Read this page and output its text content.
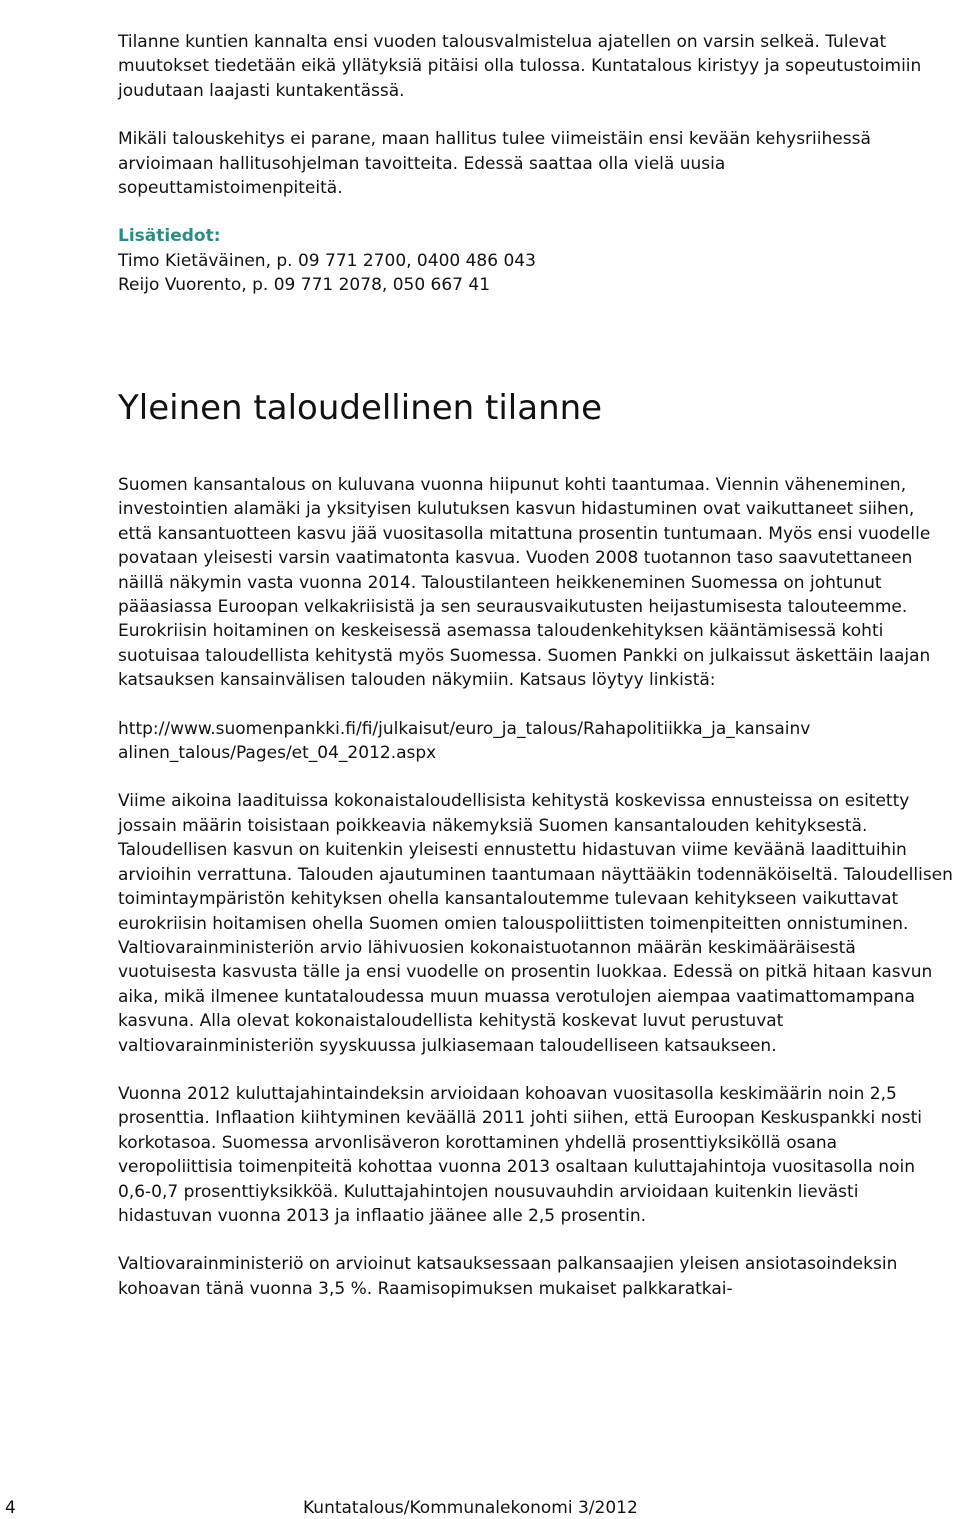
Tilanne kuntien kannalta ensi vuoden talousvalmistelua ajatellen on varsin selkeä. Tulevat muutokset tiedetään eikä yllätyksiä pitäisi olla tulossa. Kuntatalous kiristyy ja sopeutustoimiin joudutaan laajasti kuntakentässä.

Mikäli talouskehitys ei parane, maan hallitus tulee viimeistäin ensi kevään kehysriihessä arvioimaan hallitusohjelman tavoitteita. Edessä saattaa olla vielä uusia sopeuttamistoimenpiteitä.

Lisätiedot:

Timo Kietäväinen, p. 09 771 2700, 0400 486 043

Reijo Vuorento, p. 09 771 2078, 050 667 41

Yleinen taloudellinen tilanne

Suomen kansantalous on kuluvana vuonna hiipunut kohti taantumaa. Viennin väheneminen, investointien alamäki ja yksityisen kulutuksen kasvun hidastuminen ovat vaikuttaneet siihen, että kansantuotteen kasvu jää vuositasolla mitattuna prosentin tuntumaan. Myös ensi vuodelle povataan yleisesti varsin vaatimatonta kasvua. Vuoden 2008 tuotannon taso saavutettaneen näillä näkymin vasta vuonna 2014. Taloustilanteen heikkeneminen Suomessa on johtunut pääasiassa Euroopan velkakriisistä ja sen seurausvaikutusten heijastumisesta talouteemme. Eurokriisin hoitaminen on keskeisessä asemassa taloudenkehityksen kääntämisessä kohti suotuisaa taloudellista kehitystä myös Suomessa. Suomen Pankki on julkaissut äskettäin laajan katsauksen kansainvälisen talouden näkymiin. Katsaus löytyy linkistä:

http://www.suomenpankki.fi/fi/julkaisut/euro_ja_talous/Rahapolitiikka_ja_kansainv

alinen_talous/Pages/et_04_2012.aspx

Viime aikoina laadituissa kokonaistaloudellisista kehitystä koskevissa ennusteissa on esitetty jossain määrin toisistaan poikkeavia näkemyksiä Suomen kansantalouden kehityksestä. Taloudellisen kasvun on kuitenkin yleisesti ennustettu hidastuvan viime keväänä laadittuihin arvioihin verrattuna. Talouden ajautuminen taantumaan näyttääkin todennäköiseltä. Taloudellisen toimintaympäristön kehityksen ohella kansantaloutemme tulevaan kehitykseen vaikuttavat eurokriisin hoitamisen ohella Suomen omien talouspoliittisten toimenpiteitten onnistuminen. Valtiovarainministeriön arvio lähivuosien kokonaistuotannon määrän keskimääräisestä vuotuisesta kasvusta tälle ja ensi vuodelle on prosentin luokkaa. Edessä on pitkä hitaan kasvun aika, mikä ilmenee kuntataloudessa muun muassa verotulojen aiempaa vaatimattomampana kasvuna. Alla olevat kokonaistaloudellista kehitystä koskevat luvut perustuvat valtiovarainministeriön syyskuussa julkiasemaan taloudelliseen katsaukseen.

Vuonna 2012 kuluttajahintaindeksin arvioidaan kohoavan vuositasolla keskimäärin noin 2,5 prosenttia. Inflaation kiihtyminen keväällä 2011 johti siihen, että Euroopan Keskuspankki nosti korkotasoa. Suomessa arvonlisäveron korottaminen yhdellä prosenttiyksiköllä osana veropoliittisia toimenpiteitä kohottaa vuonna 2013 osaltaan kuluttajahintoja vuositasolla noin 0,6-0,7 prosenttiyksikköä. Kuluttajahintojen nousuvauhdin arvioidaan kuitenkin lievästi hidastuvan vuonna 2013 ja inflaatio jäänee alle 2,5 prosentin.

Valtiovarainministeriö on arvioinut katsauksessaan palkansaajien yleisen ansiotasoindeksin kohoavan tänä vuonna 3,5 %. Raamisopimuksen mukaiset palkkaratkai-

4	Kuntatalous/Kommunalekonomi 3/2012
